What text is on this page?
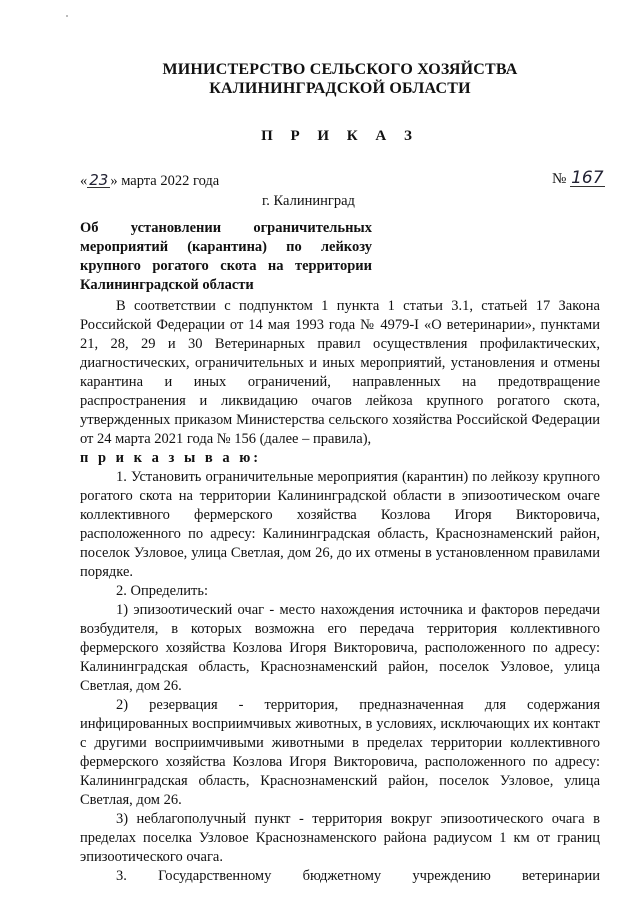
МИНИСТЕРСТВО СЕЛЬСКОГО ХОЗЯЙСТВА
КАЛИНИНГРАДСКОЙ ОБЛАСТИ
П Р И К А З
« 23 » марта 2022 года	№ 167
г. Калининград
Об установлении ограничительных мероприятий (карантина) по лейкозу крупного рогатого скота на территории Калининградской области

В соответствии с подпунктом 1 пункта 1 статьи 3.1, статьей 17 Закона Российской Федерации от 14 мая 1993 года № 4979-I «О ветеринарии», пунктами 21, 28, 29 и 30 Ветеринарных правил осуществления профилактических, диагностических, ограничительных и иных мероприятий, установления и отмены карантина и иных ограничений, направленных на предотвращение распространения и ликвидацию очагов лейкоза крупного рогатого скота, утвержденных приказом Министерства сельского хозяйства Российской Федерации от 24 марта 2021 года № 156 (далее – правила),

п р и к а з ы в а ю:

1. Установить ограничительные мероприятия (карантин) по лейкозу крупного рогатого скота на территории Калининградской области в эпизоотическом очаге коллективного фермерского хозяйства Козлова Игоря Викторовича, расположенного по адресу: Калининградская область, Краснознаменский район, поселок Узловое, улица Светлая, дом 26, до их отмены в установленном правилами порядке.

2. Определить:

1) эпизоотический очаг - место нахождения источника и факторов передачи возбудителя, в которых возможна его передача территория коллективного фермерского хозяйства Козлова Игоря Викторовича, расположенного по адресу: Калининградская область, Краснознаменский район, поселок Узловое, улица Светлая, дом 26.

2) резервация - территория, предназначенная для содержания инфицированных восприимчивых животных, в условиях, исключающих их контакт с другими восприимчивыми животными в пределах территории коллективного фермерского хозяйства Козлова Игоря Викторовича, расположенного по адресу: Калининградская область, Краснознаменский район, поселок Узловое, улица Светлая, дом 26.

3) неблагополучный пункт - территория вокруг эпизоотического очага в пределах поселка Узловое Краснознаменского района радиусом 1 км от границ эпизоотического очага.

3. Государственному бюджетному учреждению ветеринарии
